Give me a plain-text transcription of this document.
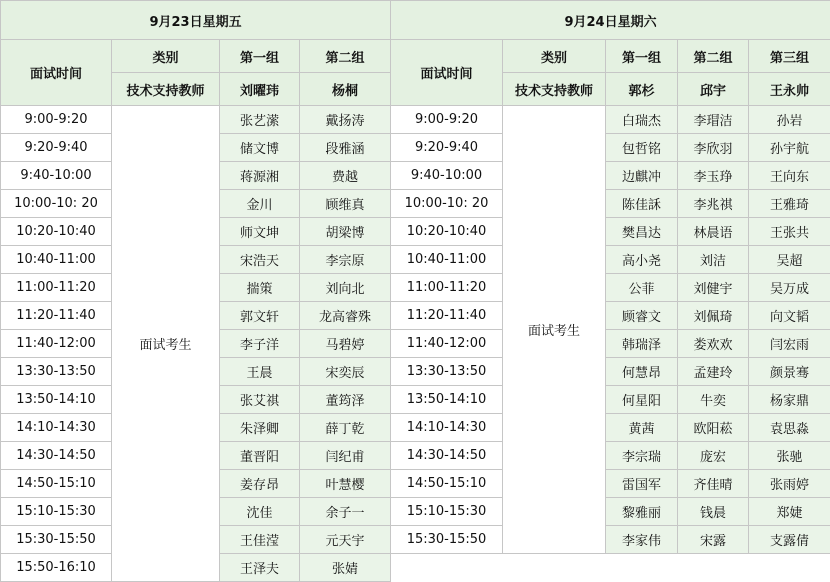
9月23日星期五				9月24日星期六				
面试时间	类别	第一组	第二组	面试时间	类别	第一组	第二组	第三组
	技术支持教师	刘曜玮	杨桐		技术支持教师	郭杉	邱宇	王永帅
9:00-9:20	面试考生	张艺潆	戴扬涛	9:00-9:20	面试考生	白瑞杰	李瑁洁	孙岩
9:20-9:40		储文博	段雅涵	9:20-9:40		包哲铭	李欣羽	孙宇航
9:40-10:00		蒋源湘	费越	9:40-10:00		边麒冲	李玉琤	王向东
10:00-10: 20		金川	顾维真	10:00-10: 20		陈佳訸	李兆祺	王雅琦
10:20-10:40		师文坤	胡梁博	10:20-10:40		樊昌达	林晨语	王张共
10:40-11:00		宋浩天	李宗原	10:40-11:00		高小尧	刘洁	吴超
11:00-11:20		揣策	刘向北	11:00-11:20		公菲	刘健宇	吴万成
11:20-11:40		郭文轩	龙高睿殊	11:20-11:40		顾睿文	刘佩琦	向文韬
11:40-12:00		李子洋	马碧婷	11:40-12:00		韩瑞泽	娄欢欢	闫宏雨
13:30-13:50		王晨	宋奕辰	13:30-13:50		何慧昂	孟建玲	颜景骞
13:50-14:10		张艾祺	董筠泽	13:50-14:10		何星阳	牛奕	杨家鼎
14:10-14:30		朱泽卿	薛丁乾	14:10-14:30		黄茜	欧阳菘	袁思淼
14:30-14:50		董晋阳	闫纪甫	14:30-14:50		李宗瑞	庞宏	张驰
14:50-15:10		姜存昂	叶慧樱	14:50-15:10		雷国军	齐佳晴	张雨婷
15:10-15:30		沈佳	余子一	15:10-15:30		黎雅丽	钱晨	郑婕
15:30-15:50		王佳滢	元天宇	15:30-15:50		李家伟	宋露	支露倩
15:50-16:10		王泽夫	张婧					
